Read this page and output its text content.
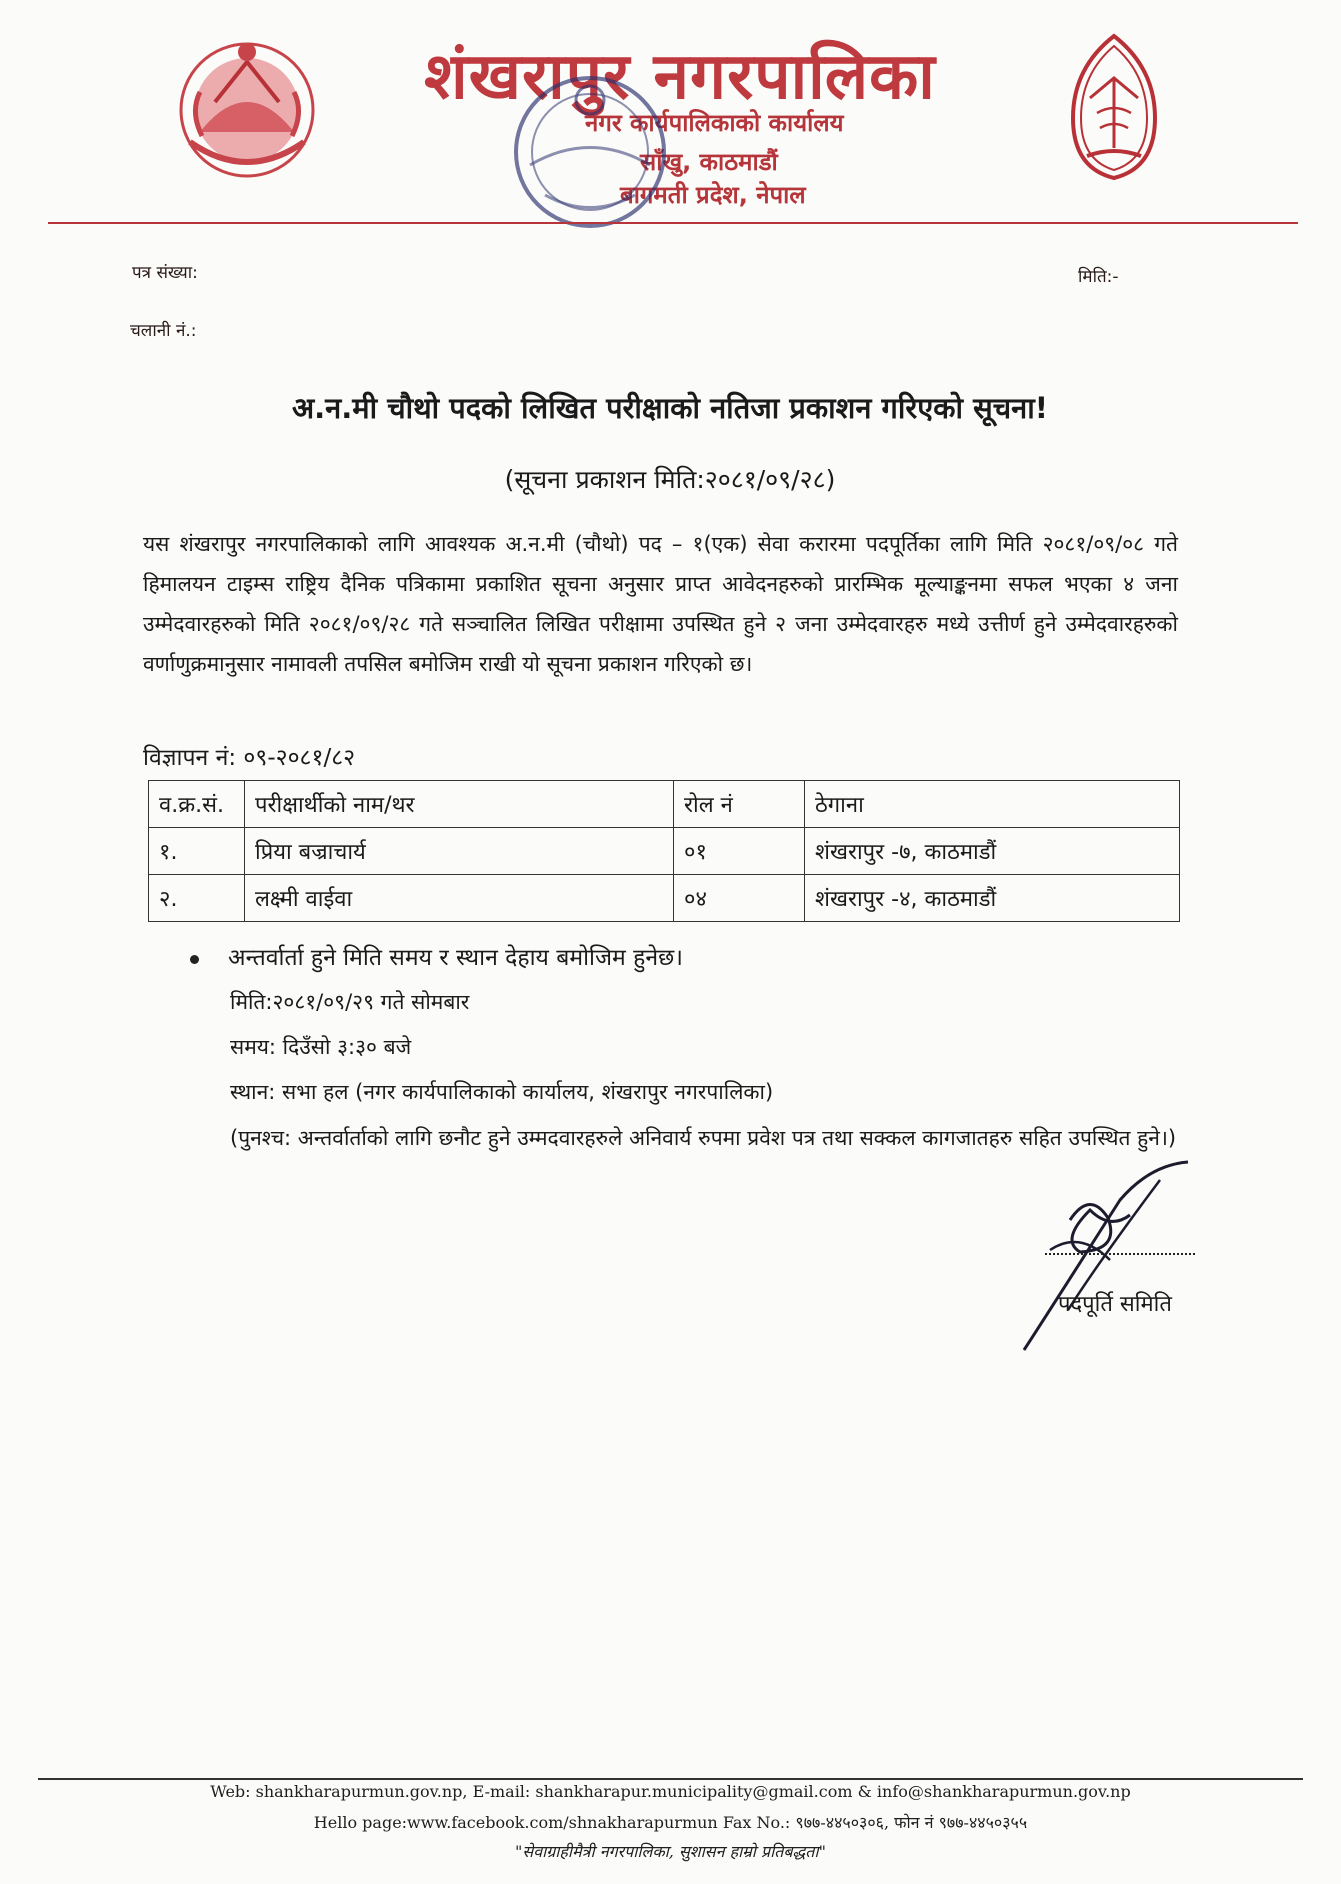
शंखरापुर नगरपालिका
नगर कार्यपालिकाको कार्यालय
साँखु, काठमाडौं
बागमती प्रदेश, नेपाल
पत्र संख्या:	मिति:-
चलानी नं.:
अ.न.मी चौथो पदको लिखित परीक्षाको नतिजा प्रकाशन गरिएको सूचना!
(सूचना प्रकाशन मिति:२०८१/०९/२८)
यस शंखरापुर नगरपालिकाको लागि आवश्यक अ.न.मी (चौथो) पद – १(एक) सेवा करारमा पदपूर्तिका लागि मिति २०८१/०९/०८ गते हिमालयन टाइम्स राष्ट्रिय दैनिक पत्रिकामा प्रकाशित सूचना अनुसार प्राप्त आवेदनहरुको प्रारम्भिक मूल्याङ्कनमा सफल भएका ४ जना उम्मेदवारहरुको मिति २०८१/०९/२८ गते सञ्चालित लिखित परीक्षामा उपस्थित हुने २ जना उम्मेदवारहरु मध्ये उत्तीर्ण हुने उम्मेदवारहरुको वर्णाणुक्रमानुसार नामावली तपसिल बमोजिम राखी यो सूचना प्रकाशन गरिएको छ।
विज्ञापन नं: ०९-२०८१/८२
व.क्र.सं.	परीक्षार्थीको नाम/थर	रोल नं	ठेगाना
१.	प्रिया बज्राचार्य	०१	शंखरापुर -७, काठमाडौं
२.	लक्ष्मी वाईवा	०४	शंखरापुर -४, काठमाडौं
अन्तर्वार्ता हुने मिति समय र स्थान देहाय बमोजिम हुनेछ।
मिति:२०८१/०९/२९ गते सोमबार
समय: दिउँसो ३:३० बजे
स्थान: सभा हल (नगर कार्यपालिकाको कार्यालय, शंखरापुर नगरपालिका)
(पुनश्च: अन्तर्वार्ताको लागि छनौट हुने उम्मदवारहरुले अनिवार्य रुपमा प्रवेश पत्र तथा सक्कल कागजातहरु सहित उपस्थित हुने।)
पदपूर्ति समिति
Web: shankharapurmun.gov.np, E-mail: shankharapur.municipality@gmail.com & info@shankharapurmun.gov.np
Hello page:www.facebook.com/shnakharapurmun Fax No.: ९७७-४४५०३०६, फोन नं ९७७-४४५०३५५
"सेवाग्राहीमैत्री नगरपालिका, सुशासन हाम्रो प्रतिबद्धता"
